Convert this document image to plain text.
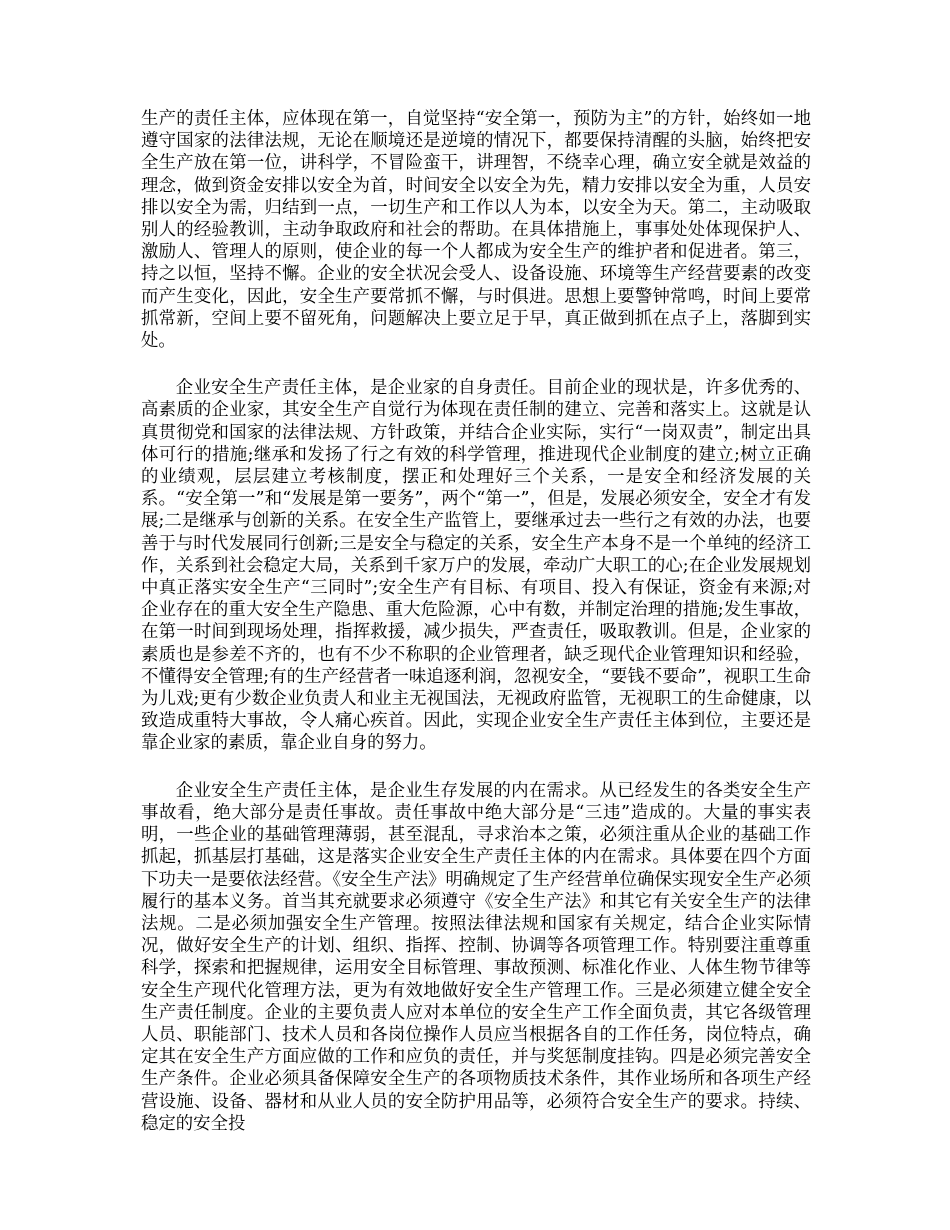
生产的责任主体，应体现在第一，自觉坚持“安全第一，预防为主”的方针，始终如一地遵守国家的法律法规，无论在顺境还是逆境的情况下，都要保持清醒的头脑，始终把安全生产放在第一位，讲科学，不冒险蛮干，讲理智，不绕幸心理，确立安全就是效益的理念，做到资金安排以安全为首，时间安全以安全为先，精力安排以安全为重，人员安排以安全为需，归结到一点，一切生产和工作以人为本，以安全为天。第二，主动吸取别人的经验教训，主动争取政府和社会的帮助。在具体措施上，事事处处体现保护人、激励人、管理人的原则，使企业的每一个人都成为安全生产的维护者和促进者。第三，持之以恒，坚持不懈。企业的安全状况会受人、设备设施、环境等生产经营要素的改变而产生变化，因此，安全生产要常抓不懈，与时俱进。思想上要警钟常鸣，时间上要常抓常新，空间上要不留死角，问题解决上要立足于早，真正做到抓在点子上，落脚到实处。

企业安全生产责任主体，是企业家的自身责任。目前企业的现状是，许多优秀的、高素质的企业家，其安全生产自觉行为体现在责任制的建立、完善和落实上。这就是认真贯彻党和国家的法律法规、方针政策，并结合企业实际，实行“一岗双责”，制定出具体可行的措施;继承和发扬了行之有效的科学管理，推进现代企业制度的建立;树立正确的业绩观，层层建立考核制度，摆正和处理好三个关系，一是安全和经济发展的关系。“安全第一”和“发展是第一要务”，两个“第一”，但是，发展必须安全，安全才有发展;二是继承与创新的关系。在安全生产监管上，要继承过去一些行之有效的办法，也要善于与时代发展同行创新;三是安全与稳定的关系，安全生产本身不是一个单纯的经济工作，关系到社会稳定大局，关系到千家万户的发展，牵动广大职工的心;在企业发展规划中真正落实安全生产“三同时”;安全生产有目标、有项目、投入有保证，资金有来源;对企业存在的重大安全生产隐患、重大危险源，心中有数，并制定治理的措施;发生事故，在第一时间到现场处理，指挥救援，减少损失，严查责任，吸取教训。但是，企业家的素质也是参差不齐的，也有不少不称职的企业管理者，缺乏现代企业管理知识和经验，不懂得安全管理;有的生产经营者一味追逐利润，忽视安全，“要钱不要命”，视职工生命为儿戏;更有少数企业负责人和业主无视国法，无视政府监管，无视职工的生命健康，以致造成重特大事故，令人痛心疾首。因此，实现企业安全生产责任主体到位，主要还是靠企业家的素质，靠企业自身的努力。

企业安全生产责任主体，是企业生存发展的内在需求。从已经发生的各类安全生产事故看，绝大部分是责任事故。责任事故中绝大部分是“三违”造成的。大量的事实表明，一些企业的基础管理薄弱，甚至混乱，寻求治本之策，必须注重从企业的基础工作抓起，抓基层打基础，这是落实企业安全生产责任主体的内在需求。具体要在四个方面下功夫一是要依法经营。《安全生产法》明确规定了生产经营单位确保实现安全生产必须履行的基本义务。首当其充就要求必须遵守《安全生产法》和其它有关安全生产的法律法规。二是必须加强安全生产管理。按照法律法规和国家有关规定，结合企业实际情况，做好安全生产的计划、组织、指挥、控制、协调等各项管理工作。特别要注重尊重科学，探索和把握规律，运用安全目标管理、事故预测、标准化作业、人体生物节律等安全生产现代化管理方法，更为有效地做好安全生产管理工作。三是必须建立健全安全生产责任制度。企业的主要负责人应对本单位的安全生产工作全面负责，其它各级管理人员、职能部门、技术人员和各岗位操作人员应当根据各自的工作任务，岗位特点，确定其在安全生产方面应做的工作和应负的责任，并与奖惩制度挂钩。四是必须完善安全生产条件。企业必须具备保障安全生产的各项物质技术条件，其作业场所和各项生产经营设施、设备、器材和从业人员的安全防护用品等，必须符合安全生产的要求。持续、稳定的安全投
